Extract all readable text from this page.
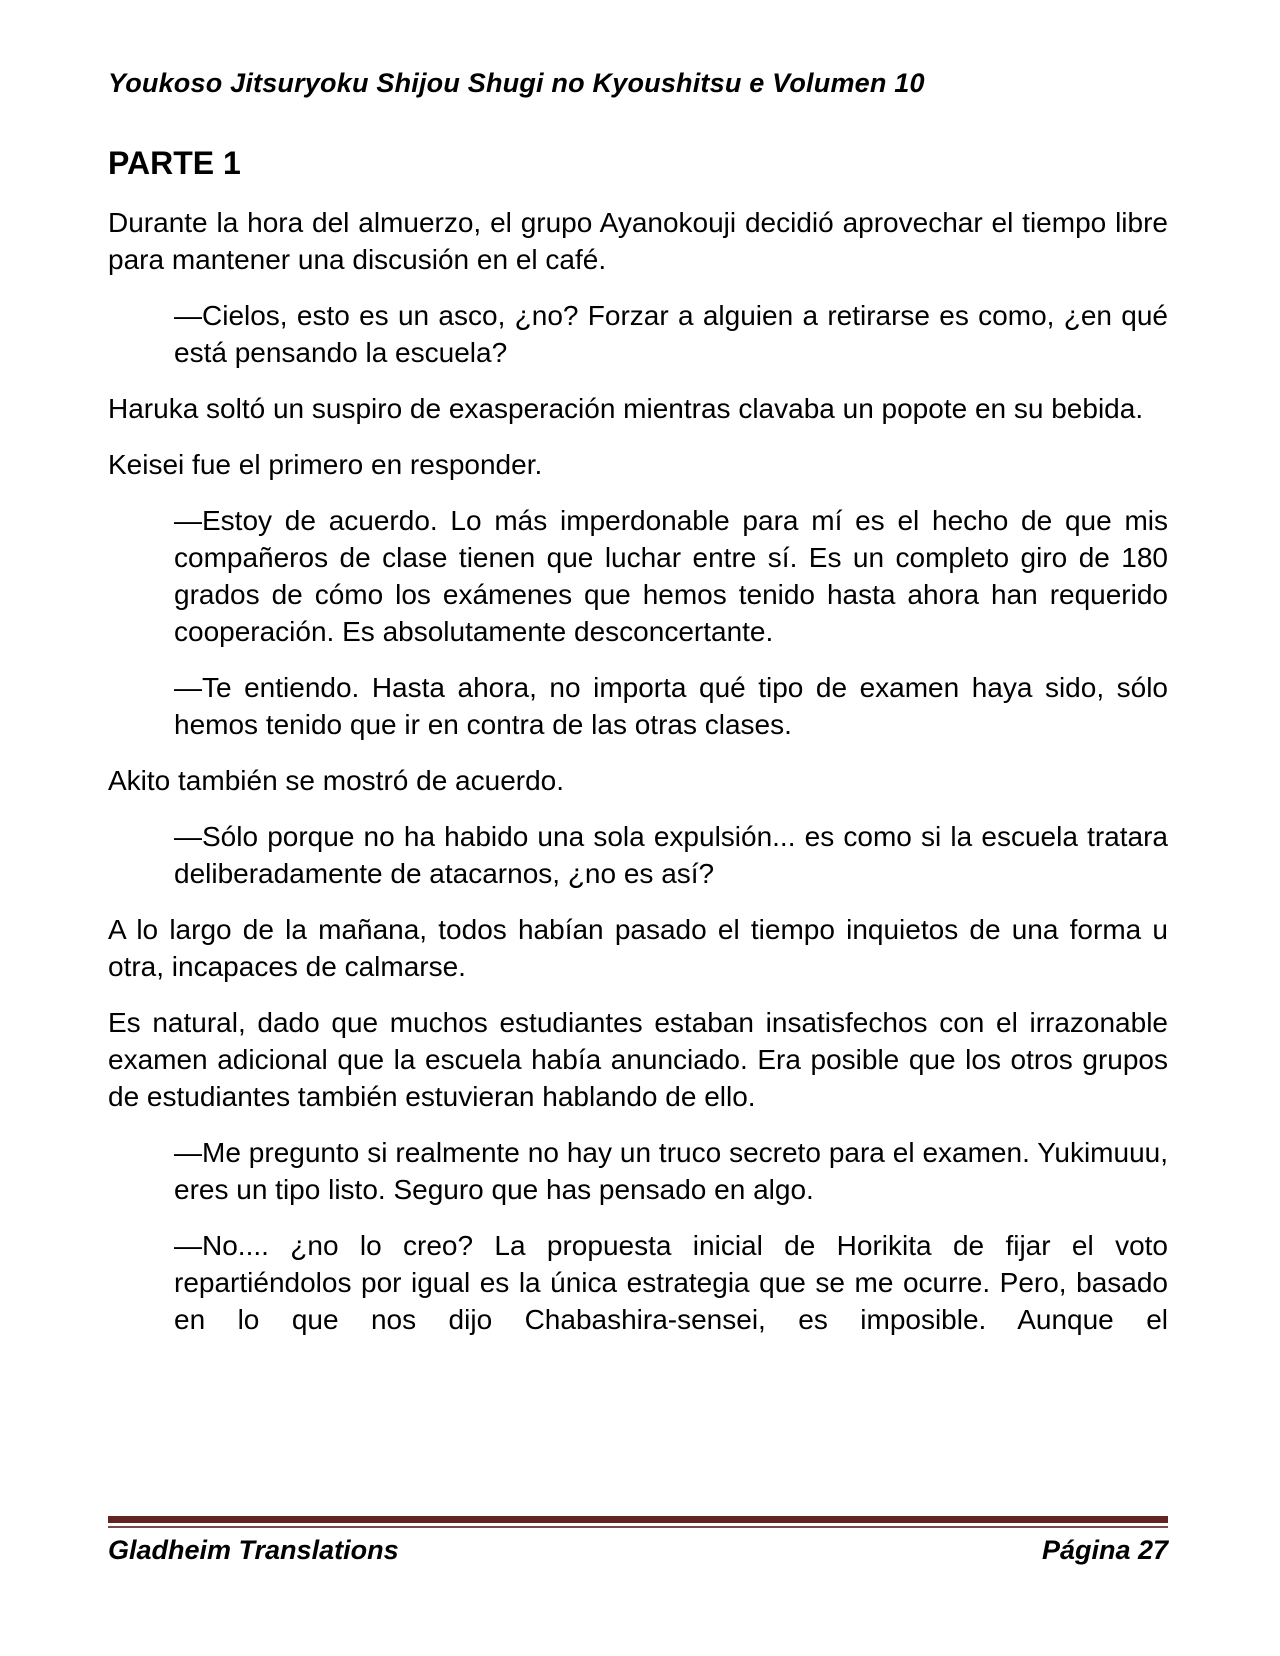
Youkoso Jitsuryoku Shijou Shugi no Kyoushitsu e Volumen 10
PARTE 1

Durante la hora del almuerzo, el grupo Ayanokouji decidió aprovechar el tiempo libre para mantener una discusión en el café.

—Cielos, esto es un asco, ¿no? Forzar a alguien a retirarse es como, ¿en qué está pensando la escuela?

Haruka soltó un suspiro de exasperación mientras clavaba un popote en su bebida.

Keisei fue el primero en responder.

—Estoy de acuerdo. Lo más imperdonable para mí es el hecho de que mis compañeros de clase tienen que luchar entre sí. Es un completo giro de 180 grados de cómo los exámenes que hemos tenido hasta ahora han requerido cooperación. Es absolutamente desconcertante.

—Te entiendo. Hasta ahora, no importa qué tipo de examen haya sido, sólo hemos tenido que ir en contra de las otras clases.

Akito también se mostró de acuerdo.

—Sólo porque no ha habido una sola expulsión... es como si la escuela tratara deliberadamente de atacarnos, ¿no es así?

A lo largo de la mañana, todos habían pasado el tiempo inquietos de una forma u otra, incapaces de calmarse.

Es natural, dado que muchos estudiantes estaban insatisfechos con el irrazonable examen adicional que la escuela había anunciado. Era posible que los otros grupos de estudiantes también estuvieran hablando de ello.

—Me pregunto si realmente no hay un truco secreto para el examen. Yukimuuu, eres un tipo listo. Seguro que has pensado en algo.

—No.... ¿no lo creo? La propuesta inicial de Horikita de fijar el voto repartiéndolos por igual es la única estrategia que se me ocurre. Pero, basado en lo que nos dijo Chabashira-sensei, es imposible. Aunque el

Gladheim Translations	Página 27
